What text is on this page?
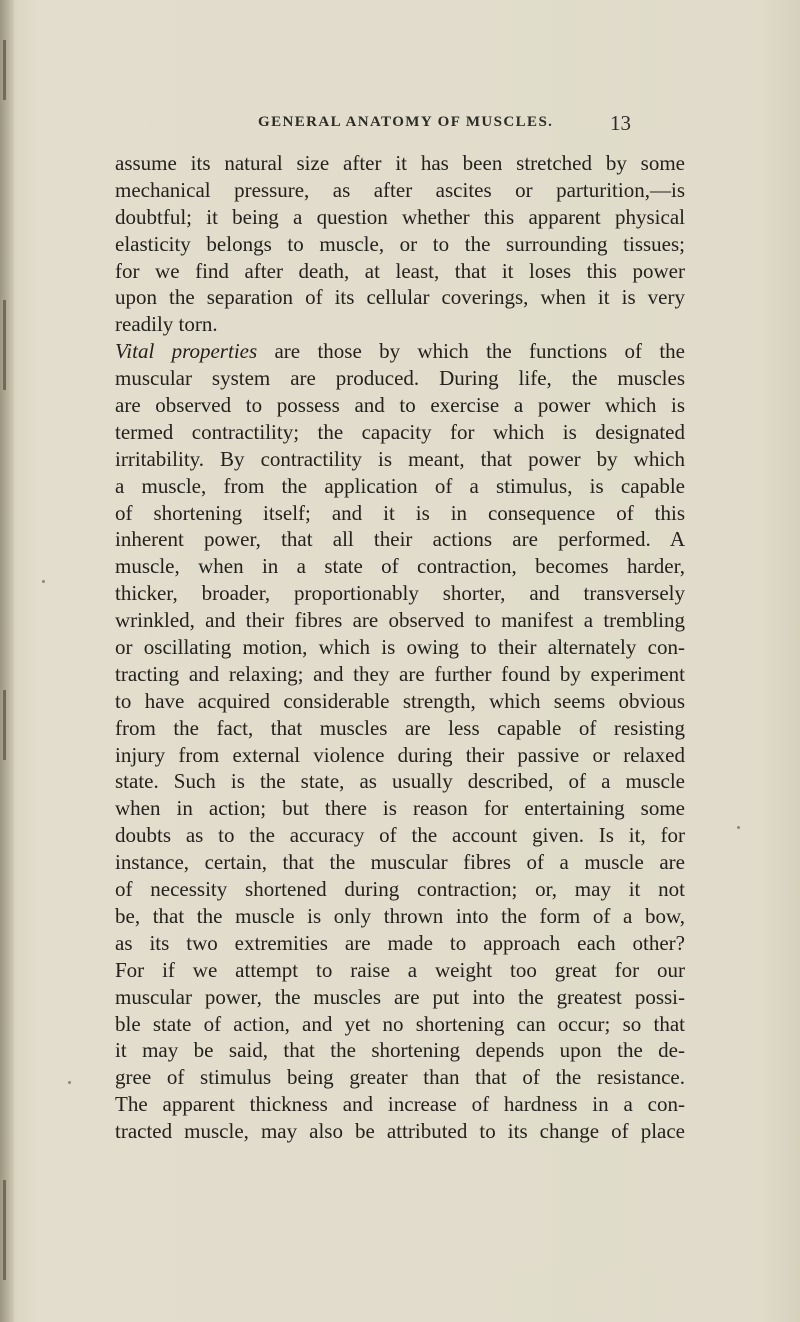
GENERAL ANATOMY OF MUSCLES.	13
assume its natural size after it has been stretched by some
mechanical pressure, as after ascites or parturition,—is
doubtful; it being a question whether this apparent physical
elasticity belongs to muscle, or to the surrounding tissues;
for we find after death, at least, that it loses this power
upon the separation of its cellular coverings, when it is very
readily torn.
Vital properties are those by which the functions of the
muscular system are produced. During life, the muscles
are observed to possess and to exercise a power which is
termed contractility; the capacity for which is designated
irritability. By contractility is meant, that power by which
a muscle, from the application of a stimulus, is capable
of shortening itself; and it is in consequence of this
inherent power, that all their actions are performed. A
muscle, when in a state of contraction, becomes harder,
thicker, broader, proportionably shorter, and transversely
wrinkled, and their fibres are observed to manifest a trembling
or oscillating motion, which is owing to their alternately con-
tracting and relaxing; and they are further found by experiment
to have acquired considerable strength, which seems obvious
from the fact, that muscles are less capable of resisting
injury from external violence during their passive or relaxed
state. Such is the state, as usually described, of a muscle
when in action; but there is reason for entertaining some
doubts as to the accuracy of the account given. Is it, for
instance, certain, that the muscular fibres of a muscle are
of necessity shortened during contraction; or, may it not
be, that the muscle is only thrown into the form of a bow,
as its two extremities are made to approach each other?
For if we attempt to raise a weight too great for our
muscular power, the muscles are put into the greatest possi-
ble state of action, and yet no shortening can occur; so that
it may be said, that the shortening depends upon the de-
gree of stimulus being greater than that of the resistance.
The apparent thickness and increase of hardness in a con-
tracted muscle, may also be attributed to its change of place
